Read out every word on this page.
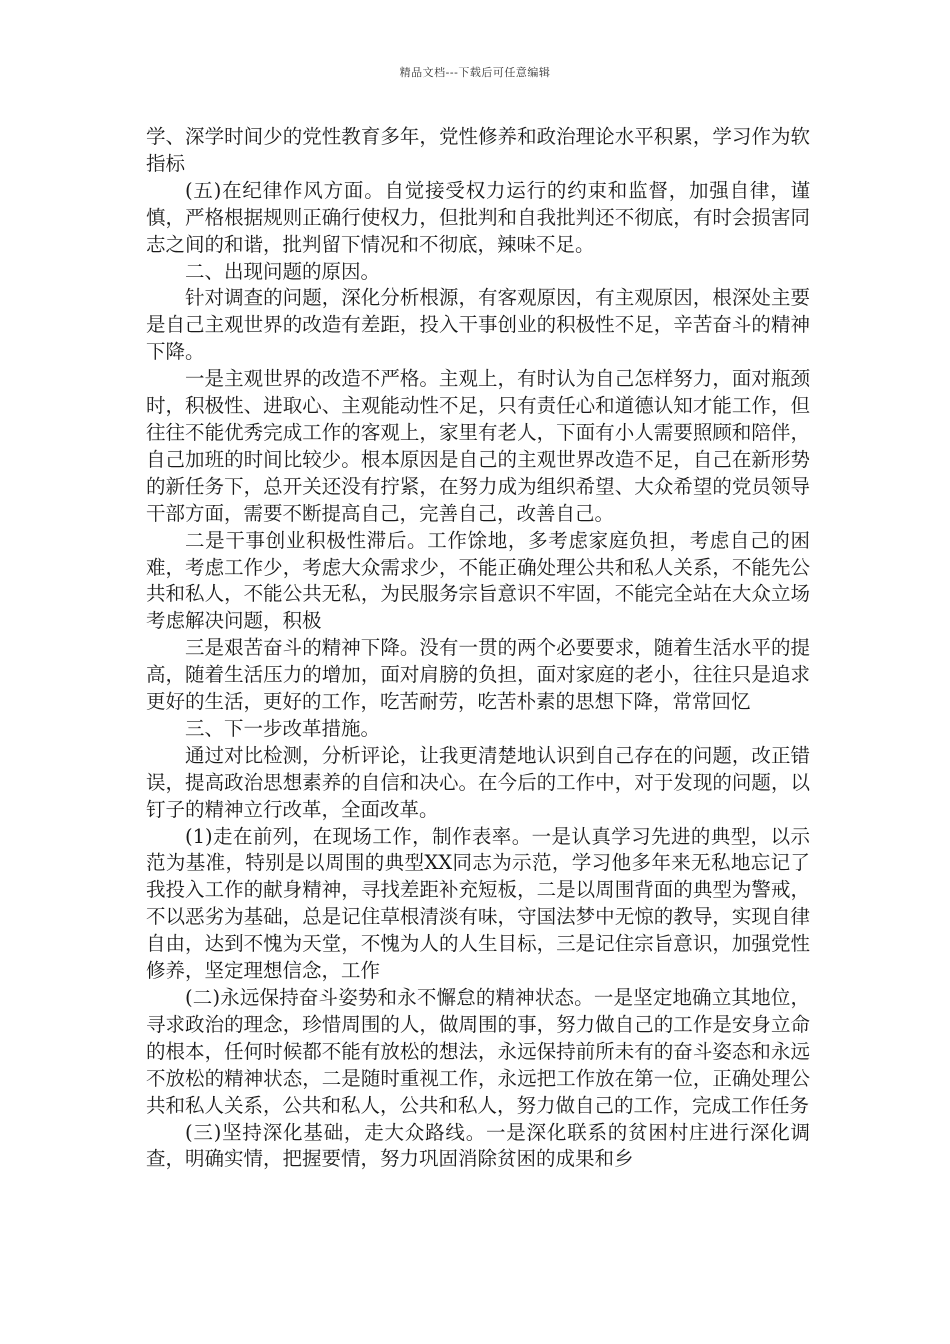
精品文档---下载后可任意编辑

学、深学时间少的党性教育多年，党性修养和政治理论水平积累，学习作为软指标

(五)在纪律作风方面。自觉接受权力运行的约束和监督，加强自律，谨慎，严格根据规则正确行使权力，但批判和自我批判还不彻底，有时会损害同志之间的和谐，批判留下情况和不彻底，辣味不足。

二、出现问题的原因。

针对调查的问题，深化分析根源，有客观原因，有主观原因，根深处主要是自己主观世界的改造有差距，投入干事创业的积极性不足，辛苦奋斗的精神下降。

一是主观世界的改造不严格。主观上，有时认为自己怎样努力，面对瓶颈时，积极性、进取心、主观能动性不足，只有责任心和道德认知才能工作，但往往不能优秀完成工作的客观上，家里有老人，下面有小人需要照顾和陪伴，自己加班的时间比较少。根本原因是自己的主观世界改造不足，自己在新形势的新任务下，总开关还没有拧紧，在努力成为组织希望、大众希望的党员领导干部方面，需要不断提高自己，完善自己，改善自己。

二是干事创业积极性滞后。工作馀地，多考虑家庭负担，考虑自己的困难，考虑工作少，考虑大众需求少，不能正确处理公共和私人关系，不能先公共和私人，不能公共无私，为民服务宗旨意识不牢固，不能完全站在大众立场考虑解决问题，积极

三是艰苦奋斗的精神下降。没有一贯的两个必要要求，随着生活水平的提高，随着生活压力的增加，面对肩膀的负担，面对家庭的老小，往往只是追求更好的生活，更好的工作，吃苦耐劳，吃苦朴素的思想下降，常常回忆

三、下一步改革措施。

通过对比检测，分析评论，让我更清楚地认识到自己存在的问题，改正错误，提高政治思想素养的自信和决心。在今后的工作中，对于发现的问题，以钉子的精神立行改革，全面改革。

(1)走在前列，在现场工作，制作表率。一是认真学习先进的典型，以示范为基准，特别是以周围的典型XX同志为示范，学习他多年来无私地忘记了我投入工作的献身精神，寻找差距补充短板，二是以周围背面的典型为警戒，不以恶劣为基础，总是记住草根清淡有味，守国法梦中无惊的教导，实现自律自由，达到不愧为天堂，不愧为人的人生目标，三是记住宗旨意识，加强党性修养，坚定理想信念，工作

(二)永远保持奋斗姿势和永不懈怠的精神状态。一是坚定地确立其地位，寻求政治的理念，珍惜周围的人，做周围的事，努力做自己的工作是安身立命的根本，任何时候都不能有放松的想法，永远保持前所未有的奋斗姿态和永远不放松的精神状态，二是随时重视工作，永远把工作放在第一位，正确处理公共和私人关系，公共和私人，公共和私人，努力做自己的工作，完成工作任务

(三)坚持深化基础，走大众路线。一是深化联系的贫困村庄进行深化调查，明确实情，把握要情，努力巩固消除贫困的成果和乡
